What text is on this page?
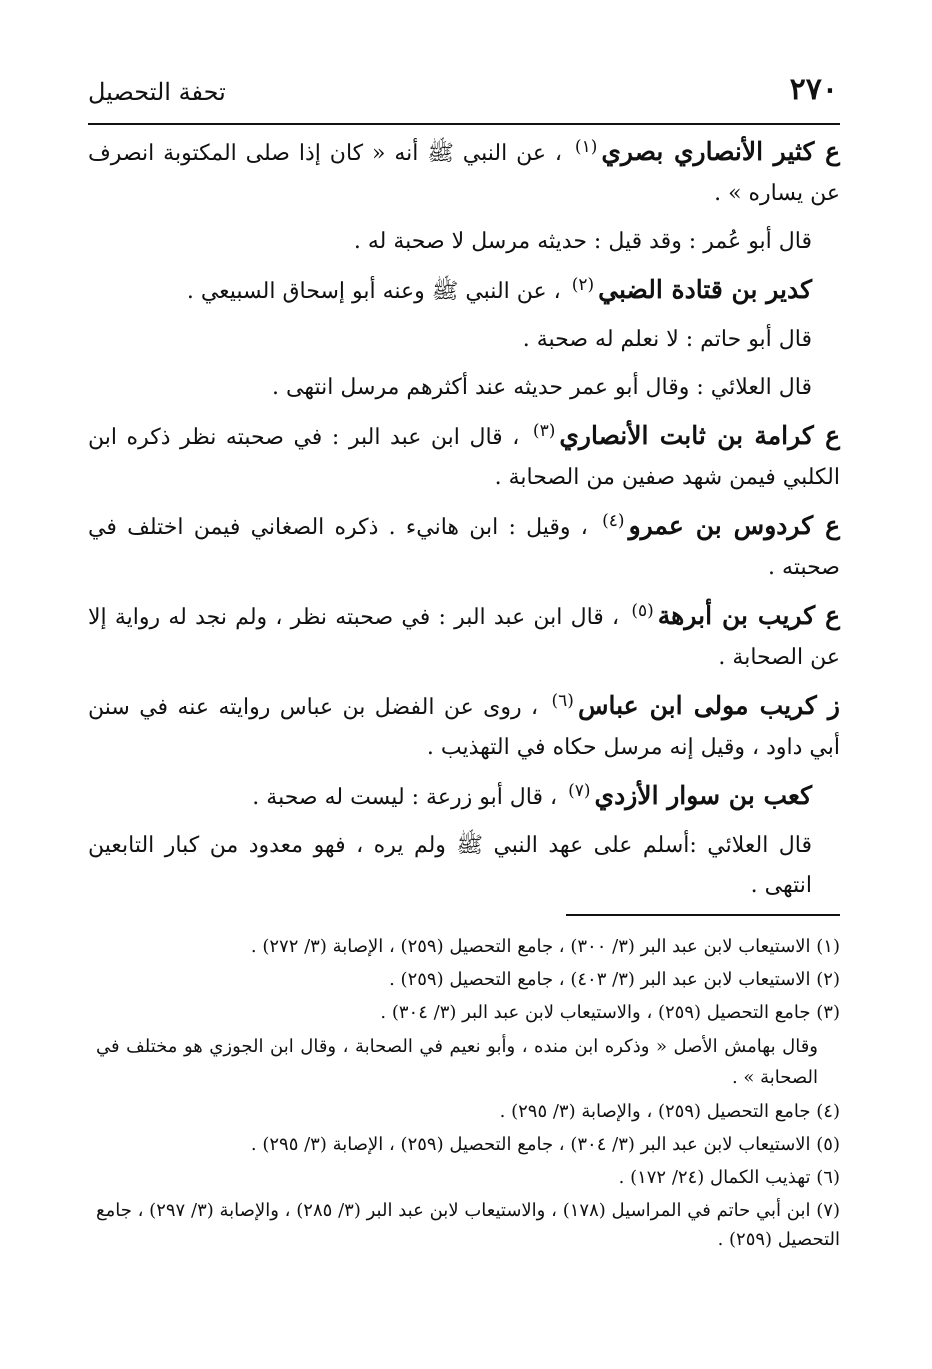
٢٧٠
تحفة التحصيل

ع كثير الأنصاري بصري$^{(١)}$ ، عن النبي ﷺ أنه « كان إذا صلى المكتوبة انصرف عن يساره » .

قال أبو عُمر : وقد قيل : حديثه مرسل لا صحبة له .

كدير بن قتادة الضبي$^{(٢)}$ ، عن النبي ﷺ وعنه أبو إسحاق السبيعي .

قال أبو حاتم : لا نعلم له صحبة .

قال العلائي : وقال أبو عمر حديثه عند أكثرهم مرسل انتهى .

ع كرامة بن ثابت الأنصاري$^{(٣)}$ ، قال ابن عبد البر : في صحبته نظر ذكره ابن الكلبي فيمن شهد صفين من الصحابة .

ع كردوس بن عمرو$^{(٤)}$ ، وقيل : ابن هانيء . ذكره الصغاني فيمن اختلف في صحبته .

ع كريب بن أبرهة$^{(٥)}$ ، قال ابن عبد البر : في صحبته نظر ، ولم نجد له رواية إلا عن الصحابة .

ز كريب مولى ابن عباس$^{(٦)}$ ، روى عن الفضل بن عباس روايته عنه في سنن أبي داود ، وقيل إنه مرسل حكاه في التهذيب .

كعب بن سوار الأزدي$^{(٧)}$ ، قال أبو زرعة : ليست له صحبة .

قال العلائي :أسلم على عهد النبي ﷺ ولم يره ، فهو معدود من كبار التابعين انتهى .

(١) الاستيعاب لابن عبد البر (٣/ ٣٠٠) ، جامع التحصيل (٢٥٩) ، الإصابة (٣/ ٢٧٢) .

(٢) الاستيعاب لابن عبد البر (٣/ ٤٠٣) ، جامع التحصيل (٢٥٩) .

(٣) جامع التحصيل (٢٥٩) ، والاستيعاب لابن عبد البر (٣/ ٣٠٤) .

وقال بهامش الأصل « وذكره ابن منده ، وأبو نعيم في الصحابة ، وقال ابن الجوزي هو مختلف في الصحابة » .

(٤) جامع التحصيل (٢٥٩) ، والإصابة (٣/ ٢٩٥) .

(٥) الاستيعاب لابن عبد البر (٣/ ٣٠٤) ، جامع التحصيل (٢٥٩) ، الإصابة (٣/ ٢٩٥) .

(٦) تهذيب الكمال (٢٤/ ١٧٢) .

(٧) ابن أبي حاتم في المراسيل (١٧٨) ، والاستيعاب لابن عبد البر (٣/ ٢٨٥) ، والإصابة (٣/ ٢٩٧) ، جامع التحصيل (٢٥٩) .
